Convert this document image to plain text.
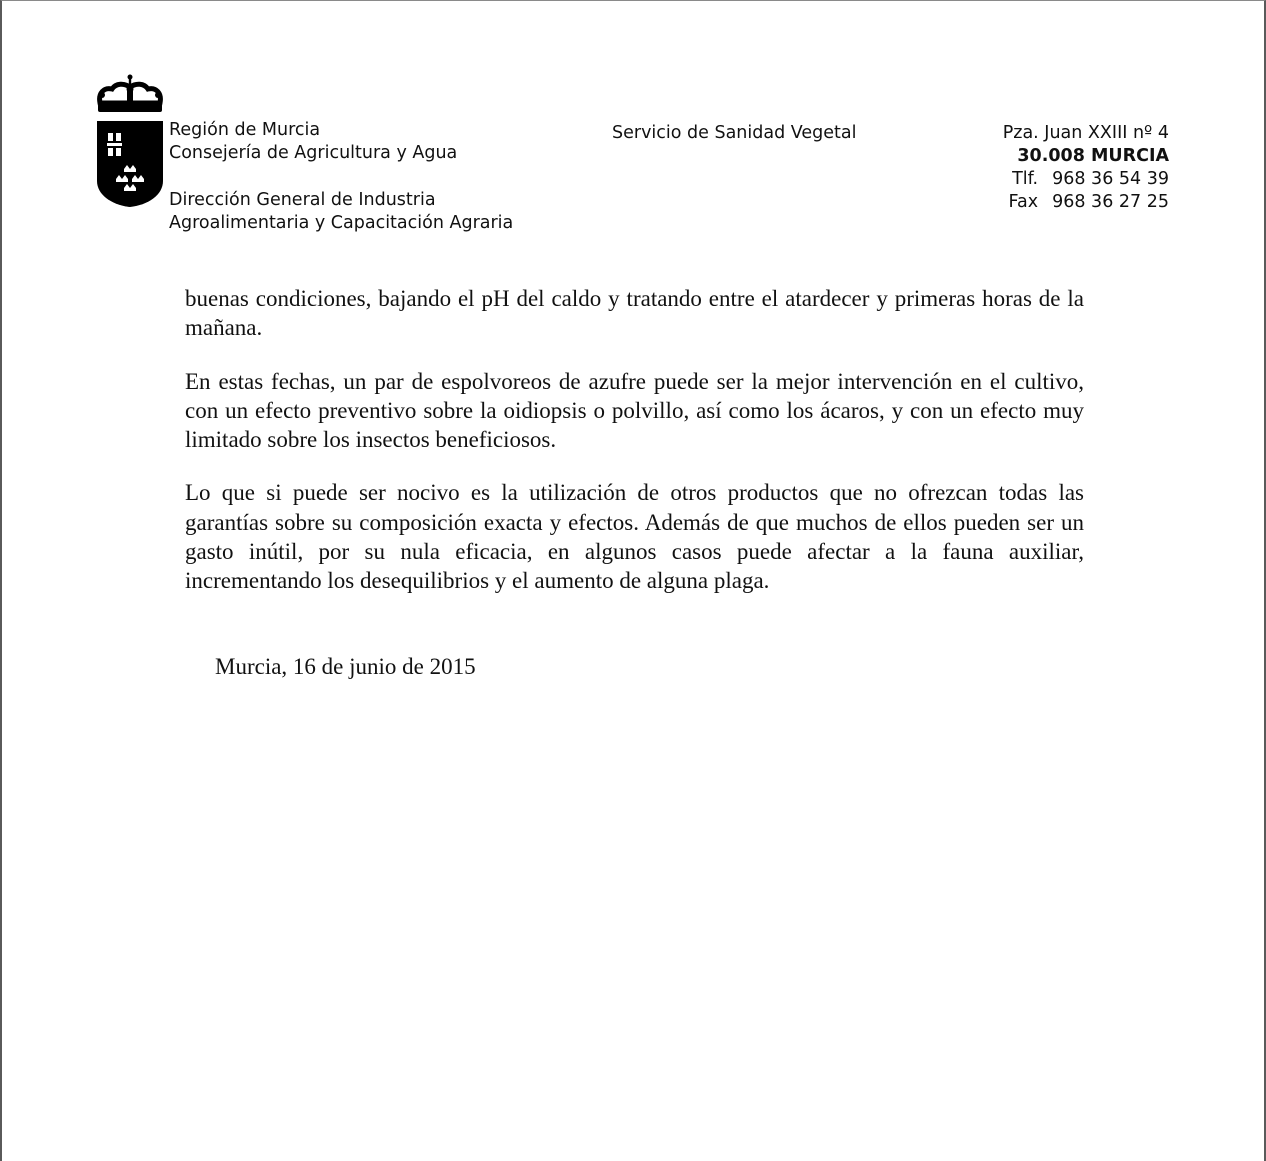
Región de Murcia
Consejería de Agricultura y Agua
Dirección General de Industria
Agroalimentaria y Capacitación Agraria
Servicio de Sanidad Vegetal	Pza. Juan XXIII nº 4
30.008 MURCIA
Tlf. 968 36 54 39
Fax 968 36 27 25

buenas condiciones, bajando el pH del caldo y tratando entre el atardecer y primeras horas de la mañana.

En estas fechas, un par de espolvoreos de azufre puede ser la mejor intervención en el cultivo, con un efecto preventivo sobre la oidiopsis o polvillo, así como los ácaros, y con un efecto muy limitado sobre los insectos beneficiosos.

Lo que si puede ser nocivo es la utilización de otros productos que no ofrezcan todas las garantías sobre su composición exacta y efectos. Además de que muchos de ellos pueden ser un gasto inútil, por su nula eficacia, en algunos casos puede afectar a la fauna auxiliar, incrementando los desequilibrios y el aumento de alguna plaga.

Murcia, 16 de junio de 2015
